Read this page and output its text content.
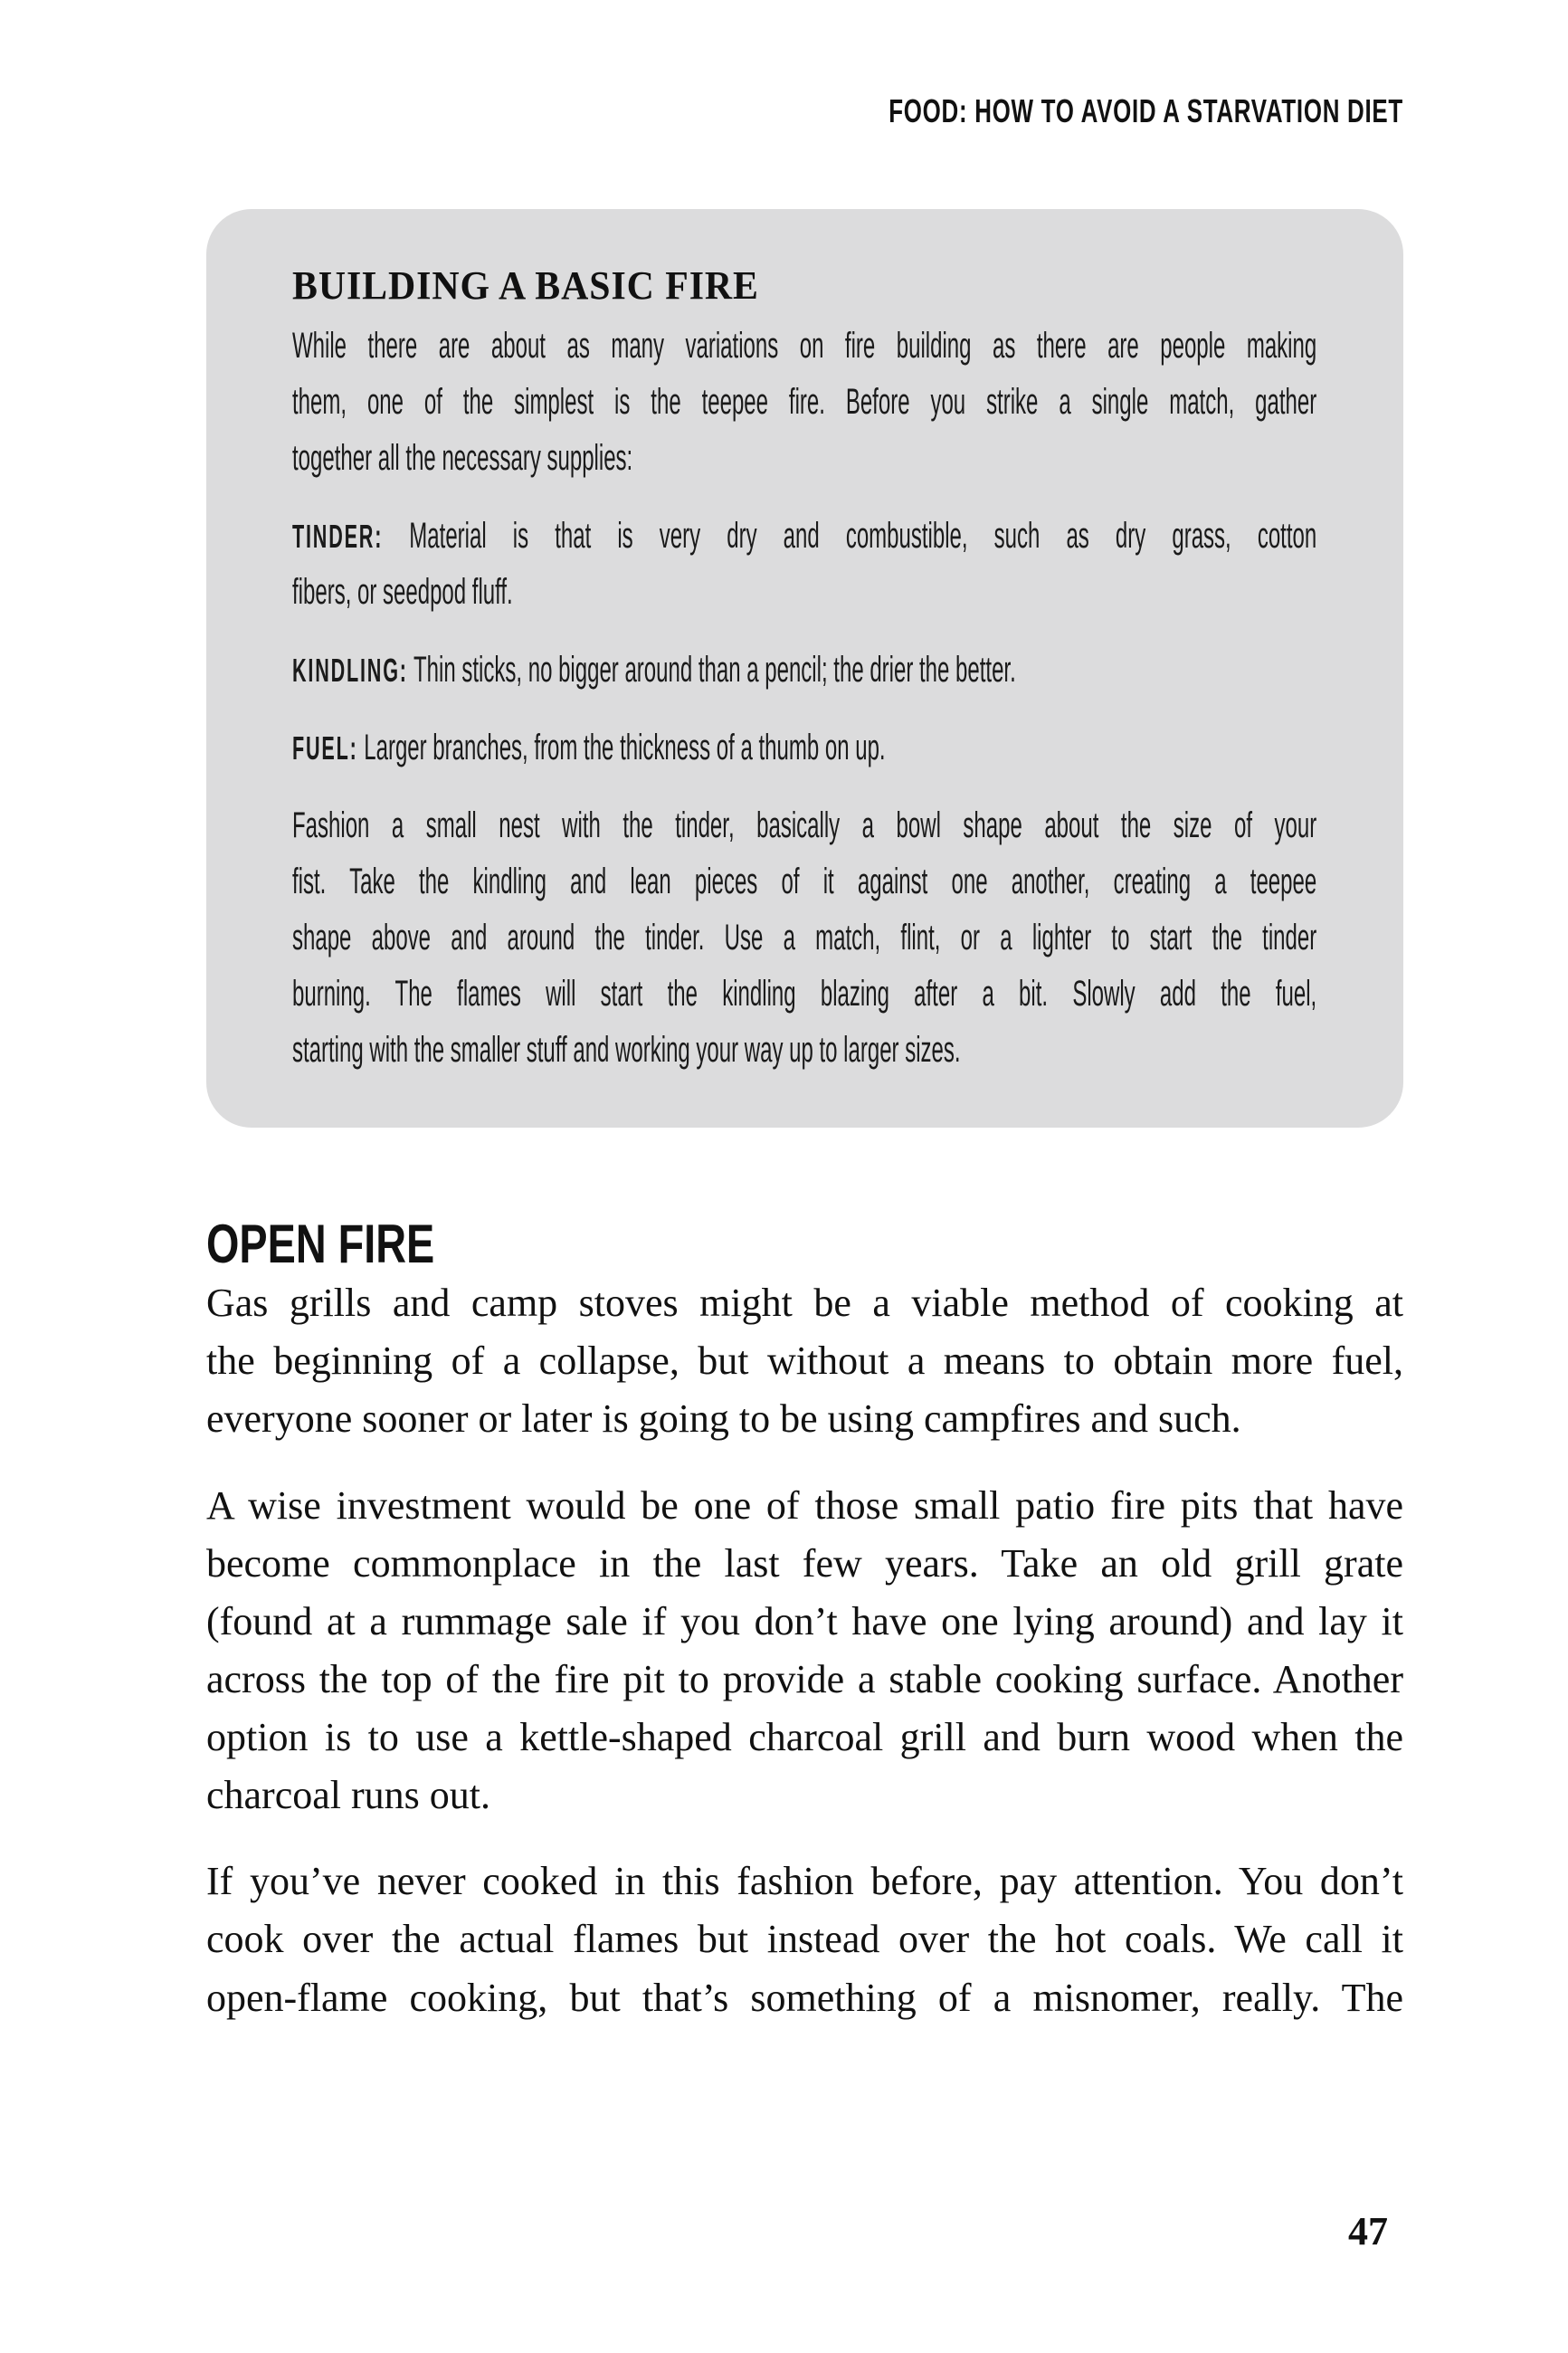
FOOD: HOW TO AVOID A STARVATION DIET
BUILDING A BASIC FIRE
While there are about as many variations on fire building as there are people making
them, one of the simplest is the teepee fire. Before you strike a single match, gather
together all the necessary supplies:
TINDER: Material is that is very dry and combustible, such as dry grass, cotton
fibers, or seedpod fluff.
KINDLING: Thin sticks, no bigger around than a pencil; the drier the better.
FUEL: Larger branches, from the thickness of a thumb on up.
Fashion a small nest with the tinder, basically a bowl shape about the size of your
fist. Take the kindling and lean pieces of it against one another, creating a teepee
shape above and around the tinder. Use a match, flint, or a lighter to start the tinder
burning. The flames will start the kindling blazing after a bit. Slowly add the fuel,
starting with the smaller stuff and working your way up to larger sizes.
OPEN FIRE
Gas grills and camp stoves might be a viable method of cooking at
the beginning of a collapse, but without a means to obtain more fuel,
everyone sooner or later is going to be using campfires and such.
A wise investment would be one of those small patio fire pits that have
become commonplace in the last few years. Take an old grill grate
(found at a rummage sale if you don’t have one lying around) and lay it
across the top of the fire pit to provide a stable cooking surface. Another
option is to use a kettle-shaped charcoal grill and burn wood when the
charcoal runs out.
If you’ve never cooked in this fashion before, pay attention. You don’t
cook over the actual flames but instead over the hot coals. We call it
open-flame cooking, but that’s something of a misnomer, really. The
47
